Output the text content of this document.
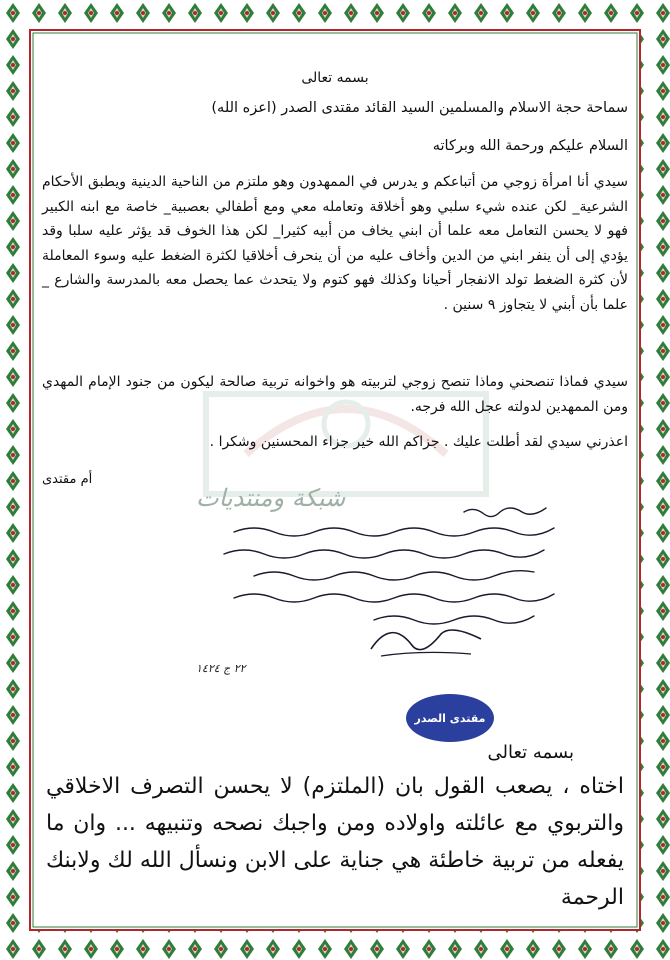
شبكة ومنتديات
بسمه تعالى
سماحة حجة الاسلام والمسلمين السيد القائد مقتدى الصدر (اعزه الله)
السلام عليكم ورحمة الله وبركاته
سيدي أنا امرأة زوجي من أتباعكم و يدرس في الممهدون وهو ملتزم من الناحية الدينية ويطبق الأحكام الشرعية_ لكن عنده شيء سلبي وهو أخلاقة وتعامله معي ومع أطفالي بعصبية_ خاصة مع ابنه الكبير فهو لا يحسن التعامل معه علما أن ابني يخاف من أبيه كثيرا_ لكن هذا الخوف قد يؤثر عليه سلبا وقد يؤدي إلى أن ينفر ابني من الدين وأخاف عليه من أن ينحرف أخلاقيا لكثرة الضغط عليه وسوء المعاملة لأن كثرة الضغط تولد الانفجار أحيانا وكذلك فهو كتوم ولا يتحدث عما يحصل معه بالمدرسة والشارع _ علما بأن أبني لا يتجاوز ٩ سنين .
سيدي فماذا تنصحني وماذا تنصح زوجي لتربيته هو واخوانه تربية صالحة ليكون من جنود الإمام المهدي ومن الممهدين لدولته عجل الله فرجه.
اعذرني سيدي لقد أطلت عليك . جزاكم الله خير جزاء المحسنين وشكرا .
أم مقتدى
٢٢ ج ١٤٢٤
مقتدى الصدر
بسمه تعالى
اختاه ، يصعب القول بان (الملتزم) لا يحسن التصرف الاخلاقي والتربوي مع عائلته واولاده ومن واجبك نصحه وتنبيهه ... وان ما يفعله من تربية خاطئة هي جناية على الابن ونسأل الله لك ولابنك الرحمة
